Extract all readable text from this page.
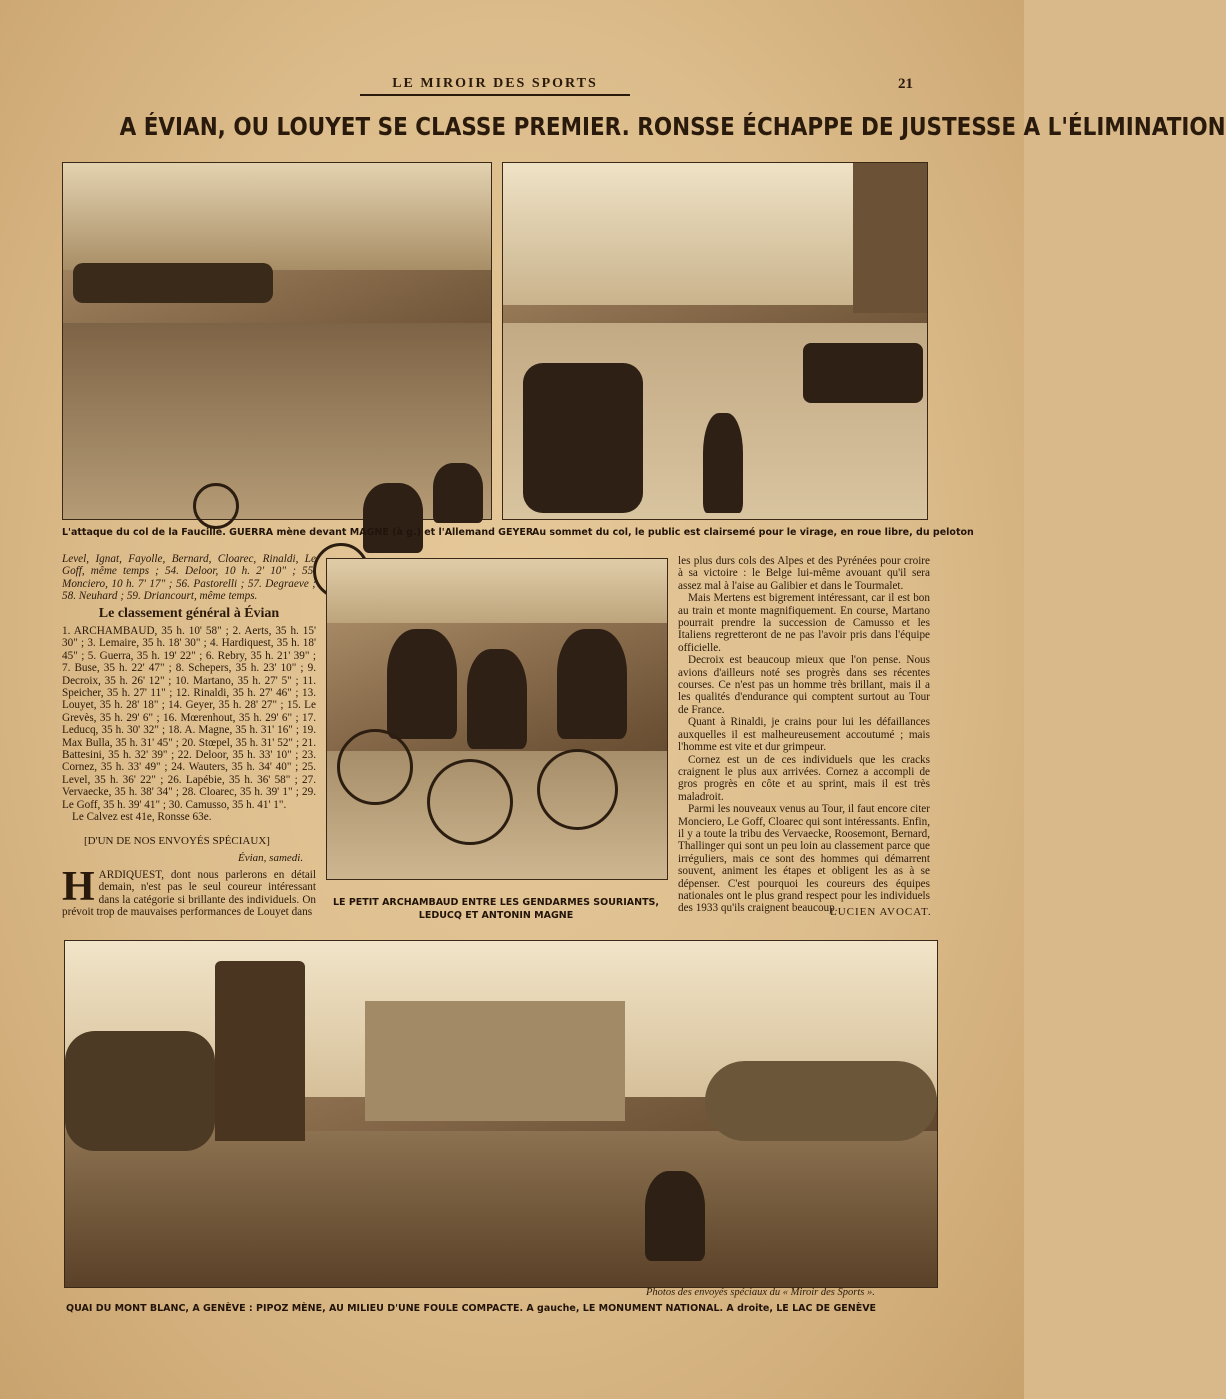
LE MIROIR DES SPORTS	21
A ÉVIAN, OU LOUYET SE CLASSE PREMIER. RONSSE ÉCHAPPE DE JUSTESSE A L'ÉLIMINATION
L'attaque du col de la Faucille. GUERRA mène devant MAGNE (à g.) et l'Allemand GEYER
Au sommet du col, le public est clairsemé pour le virage, en roue libre, du peloton

Level, Ignat, Fayolle, Bernard, Cloarec, Rinaldi, Le Goff, même temps ; 54. Deloor, 10 h. 2' 10" ; 55. Monciero, 10 h. 7' 17" ; 56. Pastorelli ; 57. Degraeve ; 58. Neuhard ; 59. Driancourt, même temps.

Le classement général à Évian

1. ARCHAMBAUD, 35 h. 10' 58" ; 2. Aerts, 35 h. 15' 30" ; 3. Lemaire, 35 h. 18' 30" ; 4. Hardiquest, 35 h. 18' 45" ; 5. Guerra, 35 h. 19' 22" ; 6. Rebry, 35 h. 21' 39" ; 7. Buse, 35 h. 22' 47" ; 8. Schepers, 35 h. 23' 10" ; 9. Decroix, 35 h. 26' 12" ; 10. Martano, 35 h. 27' 5" ; 11. Speicher, 35 h. 27' 11" ; 12. Rinaldi, 35 h. 27' 46" ; 13. Louyet, 35 h. 28' 18" ; 14. Geyer, 35 h. 28' 27" ; 15. Le Grevès, 35 h. 29' 6" ; 16. Mœrenhout, 35 h. 29' 6" ; 17. Leducq, 35 h. 30' 32" ; 18. A. Magne, 35 h. 31' 16" ; 19. Max Bulla, 35 h. 31' 45" ; 20. Stœpel, 35 h. 31' 52" ; 21. Battesini, 35 h. 32' 39" ; 22. Deloor, 35 h. 33' 10" ; 23. Cornez, 35 h. 33' 49" ; 24. Wauters, 35 h. 34' 40" ; 25. Level, 35 h. 36' 22" ; 26. Lapébie, 35 h. 36' 58" ; 27. Vervaecke, 35 h. 38' 34" ; 28. Cloarec, 35 h. 39' 1" ; 29. Le Goff, 35 h. 39' 41" ; 30. Camusso, 35 h. 41' 1".

Le Calvez est 41e, Ronsse 63e.

[D'UN DE NOS ENVOYÉS SPÉCIAUX]
Évian, samedi.
H ARDIQUEST, dont nous parlerons en détail demain, n'est pas le seul coureur intéressant dans la catégorie si brillante des individuels. On prévoit trop de mauvaises performances de Louyet dans
LE PETIT ARCHAMBAUD ENTRE LES GENDARMES SOURIANTS,
LEDUCQ ET ANTONIN MAGNE

les plus durs cols des Alpes et des Pyrénées pour croire à sa victoire : le Belge lui-même avouant qu'il sera assez mal à l'aise au Galibier et dans le Tourmalet.

Mais Mertens est bigrement intéressant, car il est bon au train et monte magnifiquement. En course, Martano pourrait prendre la succession de Camusso et les Italiens regretteront de ne pas l'avoir pris dans l'équipe officielle.

Decroix est beaucoup mieux que l'on pense. Nous avions d'ailleurs noté ses progrès dans ses récentes courses. Ce n'est pas un homme très brillant, mais il a les qualités d'endurance qui comptent surtout au Tour de France.

Quant à Rinaldi, je crains pour lui les défaillances auxquelles il est malheureusement accoutumé ; mais l'homme est vite et dur grimpeur.

Cornez est un de ces individuels que les cracks craignent le plus aux arrivées. Cornez a accompli de gros progrès en côte et au sprint, mais il est très maladroit.

Parmi les nouveaux venus au Tour, il faut encore citer Monciero, Le Goff, Cloarec qui sont intéressants. Enfin, il y a toute la tribu des Vervaecke, Roosemont, Bernard, Thallinger qui sont un peu loin au classement parce que irréguliers, mais ce sont des hommes qui démarrent souvent, animent les étapes et obligent les as à se dépenser. C'est pourquoi les coureurs des équipes nationales ont le plus grand respect pour les individuels des 1933 qu'ils craignent beaucoup.

LUCIEN AVOCAT.
Photos des envoyés spéciaux du « Miroir des Sports ».
QUAI DU MONT BLANC, A GENÈVE : PIPOZ MÈNE, AU MILIEU D'UNE FOULE COMPACTE. A gauche, LE MONUMENT NATIONAL. A droite, LE LAC DE GENÈVE
